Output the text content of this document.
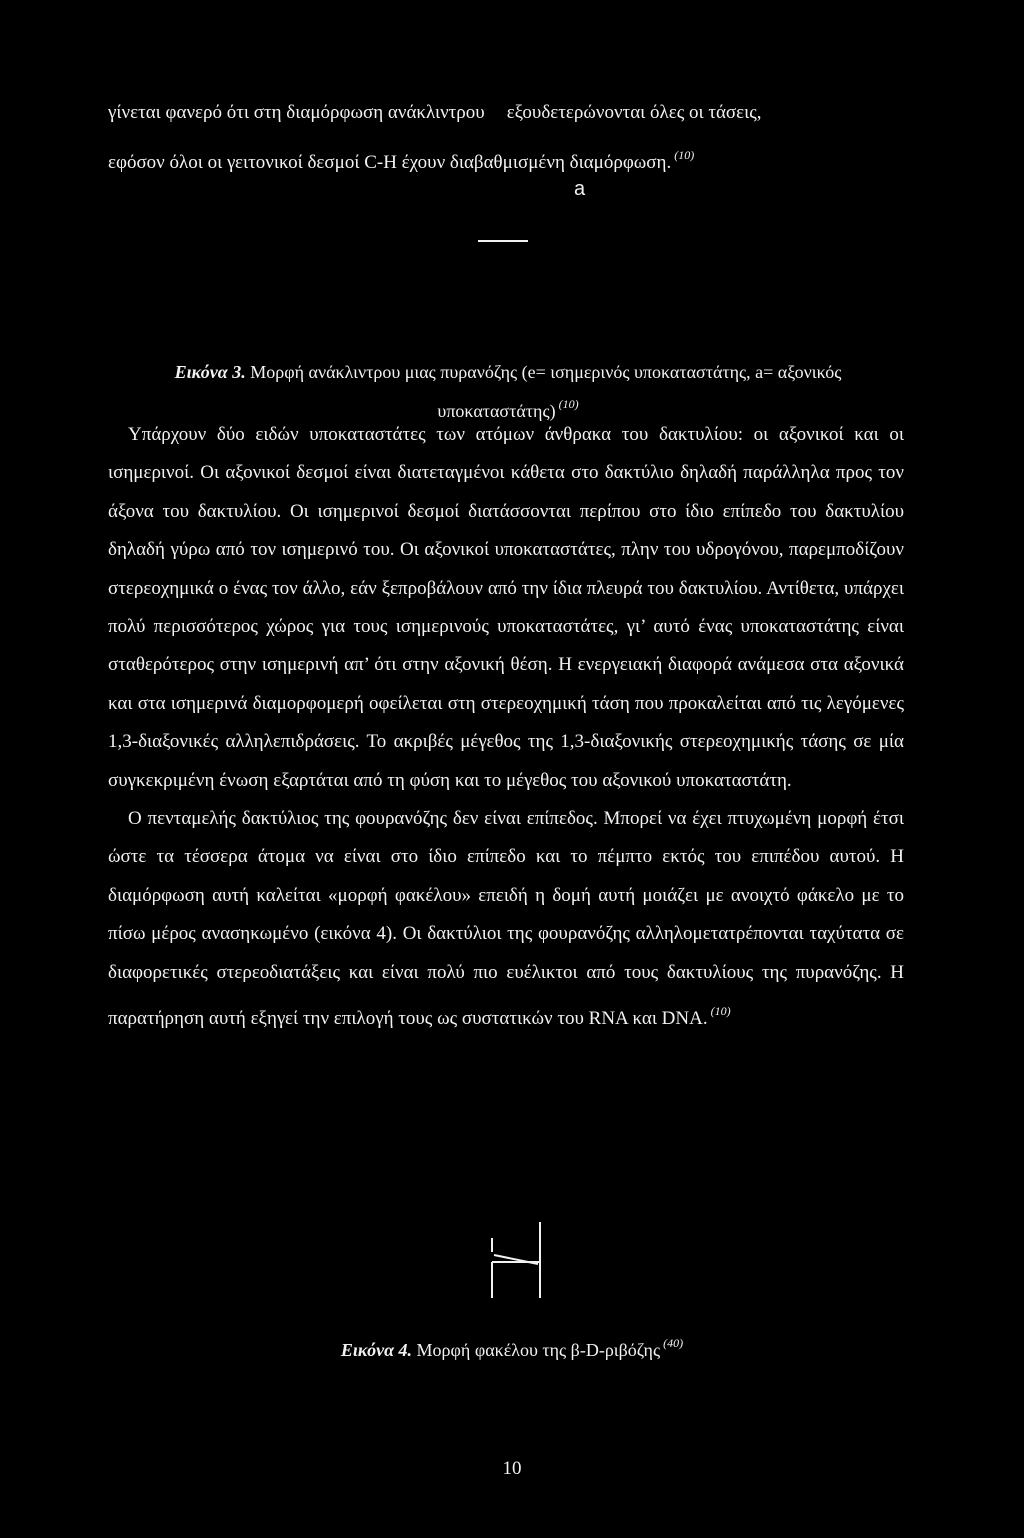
γίνεται φανερό ότι στη διαμόρφωση ανάκλιντρου εξουδετερώνονται όλες οι τάσεις,
εφόσον όλοι οι γειτονικοί δεσμοί C-H έχουν διαβαθμισμένη διαμόρφωση. $^{(10)}$
a
Εικόνα 3. Μορφή ανάκλιντρου μιας πυρανόζης (e= ισημερινός υποκαταστάτης, a= αξονικός
υποκαταστάτης) $^{(10)}$

Υπάρχουν δύο ειδών υποκαταστάτες των ατόμων άνθρακα του δακτυλίου: οι αξονικοί και οι ισημερινοί. Οι αξονικοί δεσμοί είναι διατεταγμένοι κάθετα στο δακτύλιο δηλαδή παράλληλα προς τον άξονα του δακτυλίου. Οι ισημερινοί δεσμοί διατάσσονται περίπου στο ίδιο επίπεδο του δακτυλίου δηλαδή γύρω από τον ισημερινό του. Οι αξονικοί υποκαταστάτες, πλην του υδρογόνου, παρεμποδίζουν στερεοχημικά ο ένας τον άλλο, εάν ξεπροβάλουν από την ίδια πλευρά του δακτυλίου. Αντίθετα, υπάρχει πολύ περισσότερος χώρος για τους ισημερινούς υποκαταστάτες, γι’ αυτό ένας υποκαταστάτης είναι σταθερότερος στην ισημερινή απ’ ότι στην αξονική θέση. Η ενεργειακή διαφορά ανάμεσα στα αξονικά και στα ισημερινά διαμορφομερή οφείλεται στη στερεοχημική τάση που προκαλείται από τις λεγόμενες 1,3-διαξονικές αλληλεπιδράσεις. Το ακριβές μέγεθος της 1,3-διαξονικής στερεοχημικής τάσης σε μία συγκεκριμένη ένωση εξαρτάται από τη φύση και το μέγεθος του αξονικού υποκαταστάτη.

Ο πενταμελής δακτύλιος της φουρανόζης δεν είναι επίπεδος. Μπορεί να έχει πτυχωμένη μορφή έτσι ώστε τα τέσσερα άτομα να είναι στο ίδιο επίπεδο και το πέμπτο εκτός του επιπέδου αυτού. Η διαμόρφωση αυτή καλείται «μορφή φακέλου» επειδή η δομή αυτή μοιάζει με ανοιχτό φάκελο με το πίσω μέρος ανασηκωμένο (εικόνα 4). Οι δακτύλιοι της φουρανόζης αλληλομετατρέπονται ταχύτατα σε διαφορετικές στερεοδιατάξεις και είναι πολύ πιο ευέλικτοι από τους δακτυλίους της πυρανόζης. Η παρατήρηση αυτή εξηγεί την επιλογή τους ως συστατικών του RNA και DNA. $^{(10)}$

Εικόνα 4. Μορφή φακέλου της β-D-ριβόζης $^{(40)}$
10
